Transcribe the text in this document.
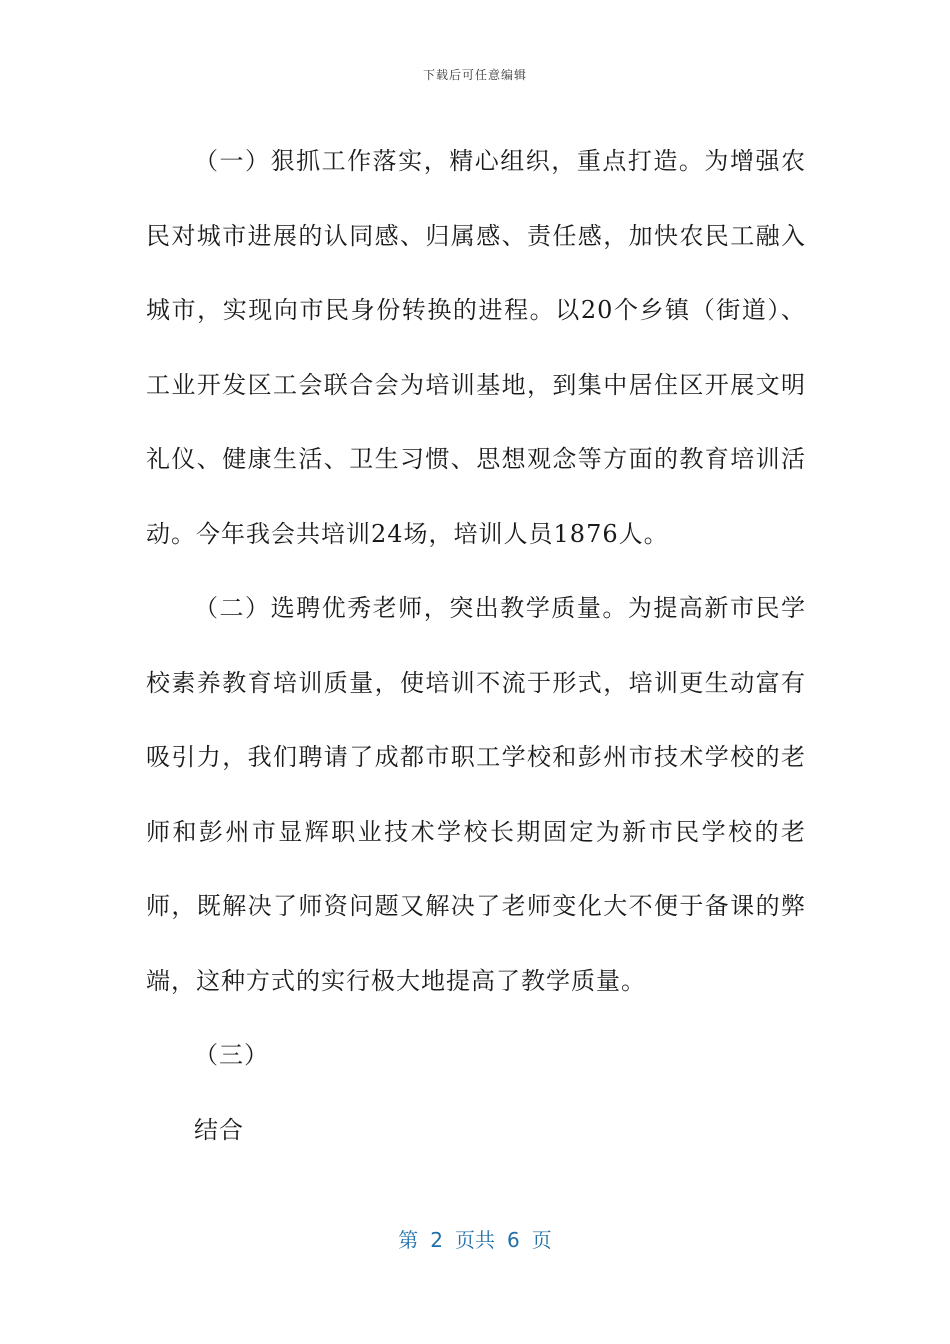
下载后可任意编辑

（一）狠抓工作落实，精心组织，重点打造。为增强农民对城市进展的认同感、归属感、责任感，加快农民工融入城市，实现向市民身份转换的进程。以20个乡镇（街道）、工业开发区工会联合会为培训基地，到集中居住区开展文明礼仪、健康生活、卫生习惯、思想观念等方面的教育培训活动。今年我会共培训24场，培训人员1876人。

（二）选聘优秀老师，突出教学质量。为提高新市民学校素养教育培训质量，使培训不流于形式，培训更生动富有吸引力，我们聘请了成都市职工学校和彭州市技术学校的老师和彭州市显辉职业技术学校长期固定为新市民学校的老师，既解决了师资问题又解决了老师变化大不便于备课的弊端，这种方式的实行极大地提高了教学质量。

（三）

结合

第 2 页共 6 页
